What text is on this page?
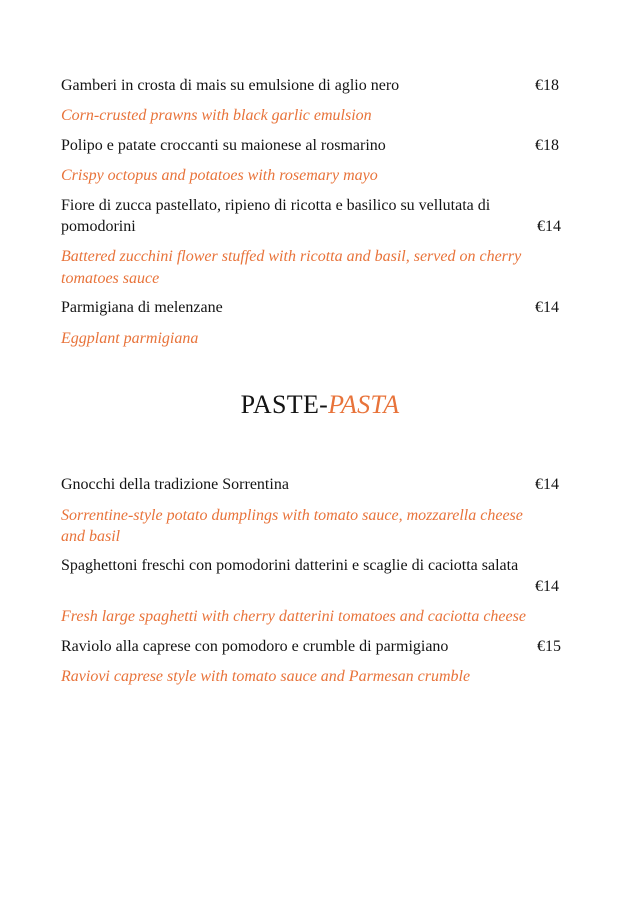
Gamberi in crosta di mais su emulsione di aglio nero	€18
Corn-crusted prawns with black garlic emulsion
Polipo e patate croccanti su maionese al rosmarino	€18
Crispy octopus and potatoes with rosemary mayo
Fiore di zucca pastellato, ripieno di ricotta e basilico su vellutata di
pomodorini	€14
Battered zucchini flower stuffed with ricotta and basil, served on cherry
tomatoes sauce
Parmigiana di melenzane	€14
Eggplant parmigiana
PASTE-PASTA
Gnocchi della tradizione Sorrentina	€14
Sorrentine-style potato dumplings with tomato sauce, mozzarella cheese
and basil
Spaghettoni freschi con pomodorini datterini e scaglie di caciotta salata
€14
Fresh large spaghetti with cherry datterini tomatoes and caciotta cheese
Raviolo alla caprese con pomodoro e crumble di parmigiano	€15
Raviovi caprese style with tomato sauce and Parmesan crumble
